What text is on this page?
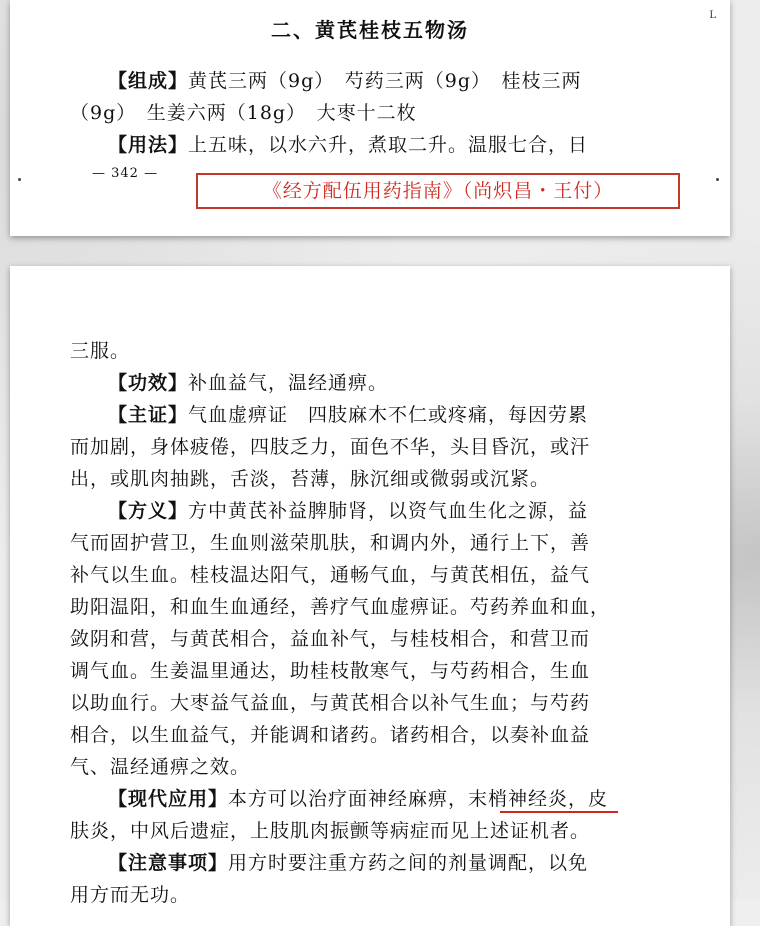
L
二、黄芪桂枝五物汤
【组成】黄芪三两（9g）　芍药三两（9g）　桂枝三两
（9g）　生姜六两（18g）　大枣十二枚
【用法】上五味，以水六升，煮取二升。温服七合，日
— 342 —
《经方配伍用药指南》（尚炽昌・王付）
三服。
【功效】补血益气，温经通痹。
【主证】气血虚痹证　四肢麻木不仁或疼痛，每因劳累
而加剧，身体疲倦，四肢乏力，面色不华，头目昏沉，或汗
出，或肌肉抽跳，舌淡，苔薄，脉沉细或微弱或沉紧。
【方义】方中黄芪补益脾肺肾，以资气血生化之源，益
气而固护营卫，生血则滋荣肌肤，和调内外，通行上下，善
补气以生血。桂枝温达阳气，通畅气血，与黄芪相伍，益气
助阳温阳，和血生血通经，善疗气血虚痹证。芍药养血和血，
敛阴和营，与黄芪相合，益血补气，与桂枝相合，和营卫而
调气血。生姜温里通达，助桂枝散寒气，与芍药相合，生血
以助血行。大枣益气益血，与黄芪相合以补气生血；与芍药
相合，以生血益气，并能调和诸药。诸药相合，以奏补血益
气、温经通痹之效。
【现代应用】本方可以治疗面神经麻痹，末梢神经炎，皮
肤炎，中风后遗症，上肢肌肉振颤等病症而见上述证机者。
【注意事项】用方时要注重方药之间的剂量调配，以免
用方而无功。
